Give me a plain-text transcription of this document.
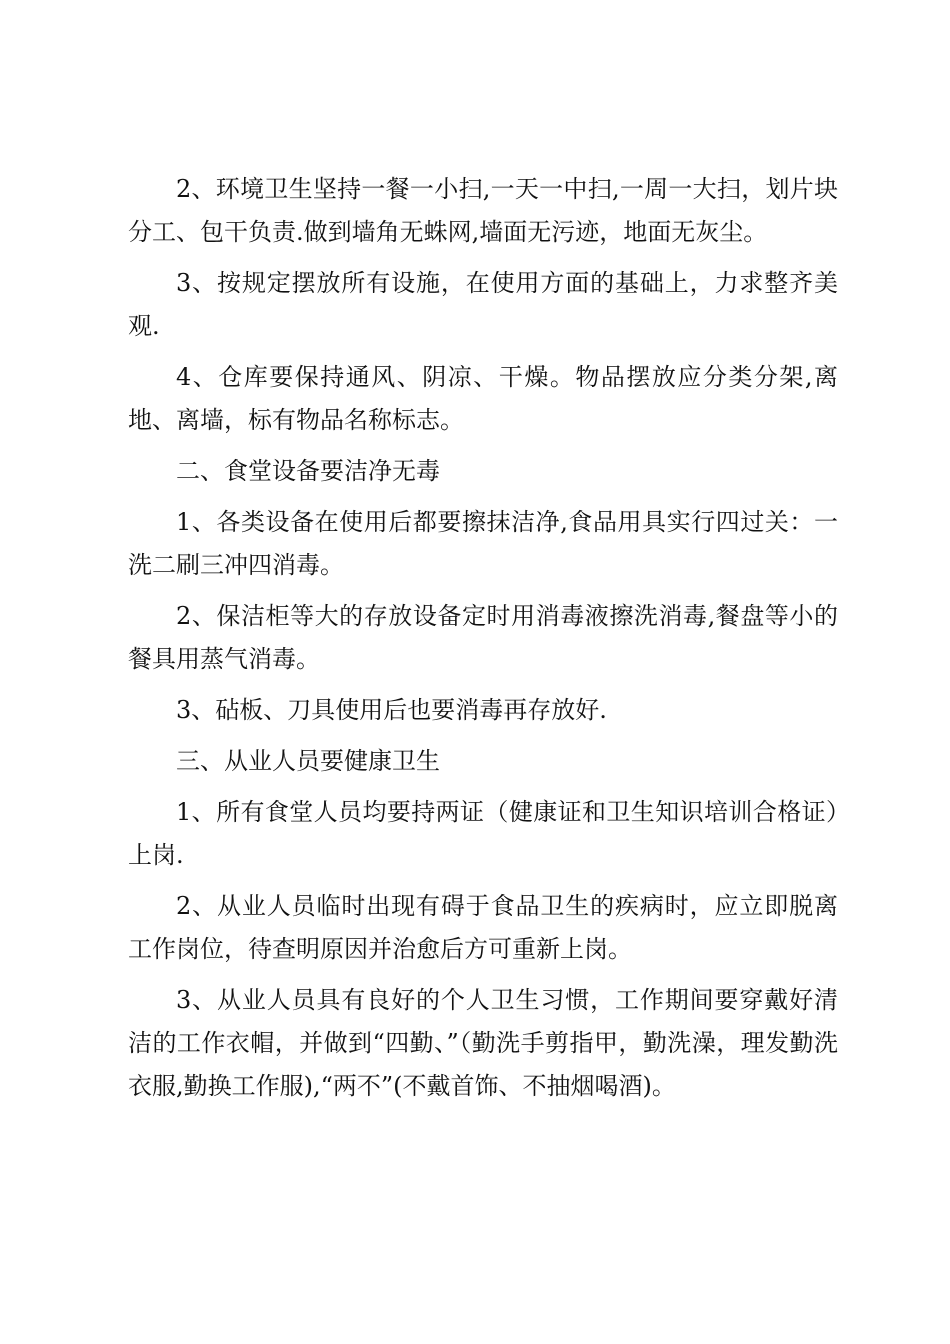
2、环境卫生坚持一餐一小扫,一天一中扫,一周一大扫，划片块分工、包干负责.做到墙角无蛛网,墙面无污迹，地面无灰尘。

3、按规定摆放所有设施，在使用方面的基础上，力求整齐美观.

4、仓库要保持通风、阴凉、干燥。物品摆放应分类分架,离地、离墙，标有物品名称标志。

二、食堂设备要洁净无毒

1、各类设备在使用后都要擦抹洁净,食品用具实行四过关：一洗二刷三冲四消毒。

2、保洁柜等大的存放设备定时用消毒液擦洗消毒,餐盘等小的餐具用蒸气消毒。

3、砧板、刀具使用后也要消毒再存放好.

三、从业人员要健康卫生

1、所有食堂人员均要持两证（健康证和卫生知识培训合格证）上岗.

2、从业人员临时出现有碍于食品卫生的疾病时，应立即脱离工作岗位，待查明原因并治愈后方可重新上岗。

3、从业人员具有良好的个人卫生习惯，工作期间要穿戴好清洁的工作衣帽，并做到“四勤、”（勤洗手剪指甲，勤洗澡，理发勤洗衣服,勤换工作服),“两不”(不戴首饰、不抽烟喝酒)。
